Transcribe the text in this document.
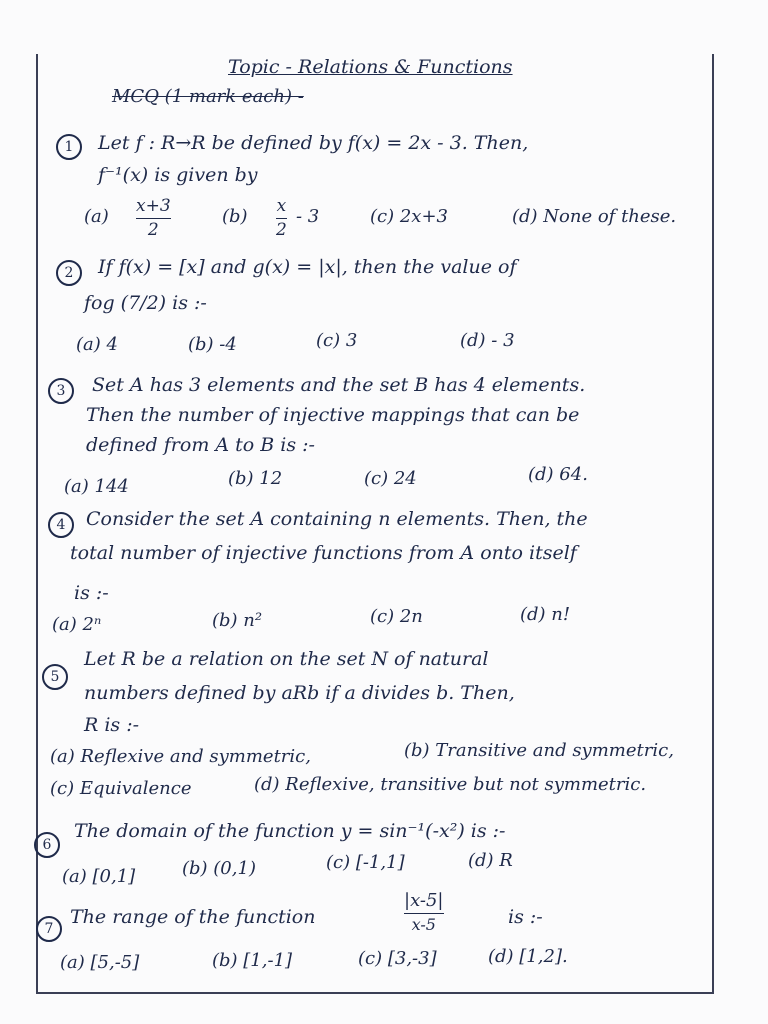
Topic - Relations & Functions
MCQ (1 mark each) -
1	Let f : R→R be defined by f(x) = 2x - 3. Then,
f⁻¹(x) is given by
(a) x+3
2
(b) x
2
- 3	(c) 2x+3	(d) None of these.
2	If f(x) = [x] and g(x) = |x|, then the value of
fog (7/2) is :-
(a) 4	(b) -4	(c) 3	(d) - 3
3	Set A has 3 elements and the set B has 4 elements.
Then the number of injective mappings that can be
defined from A to B is :-
(a) 144	(b) 12	(c) 24	(d) 64.
4	Consider the set A containing n elements. Then, the
total number of injective functions from A onto itself
is :-
(a) 2ⁿ	(b) n²	(c) 2n	(d) n!
5
Let R be a relation on the set N of natural
numbers defined by aRb if a divides b. Then,
R is :-
(a) Reflexive and symmetric,	(b) Transitive and symmetric,
(c) Equivalence	(d) Reflexive, transitive but not symmetric.
6
The domain of the function y = sin⁻¹(-x²) is :-
(a) [0,1]	(b) (0,1)	(c) [-1,1]	(d) R
7
The range of the function
|x-5|
x-5	is :-
(a) [5,-5]	(b) [1,-1]	(c) [3,-3]	(d) [1,2].
